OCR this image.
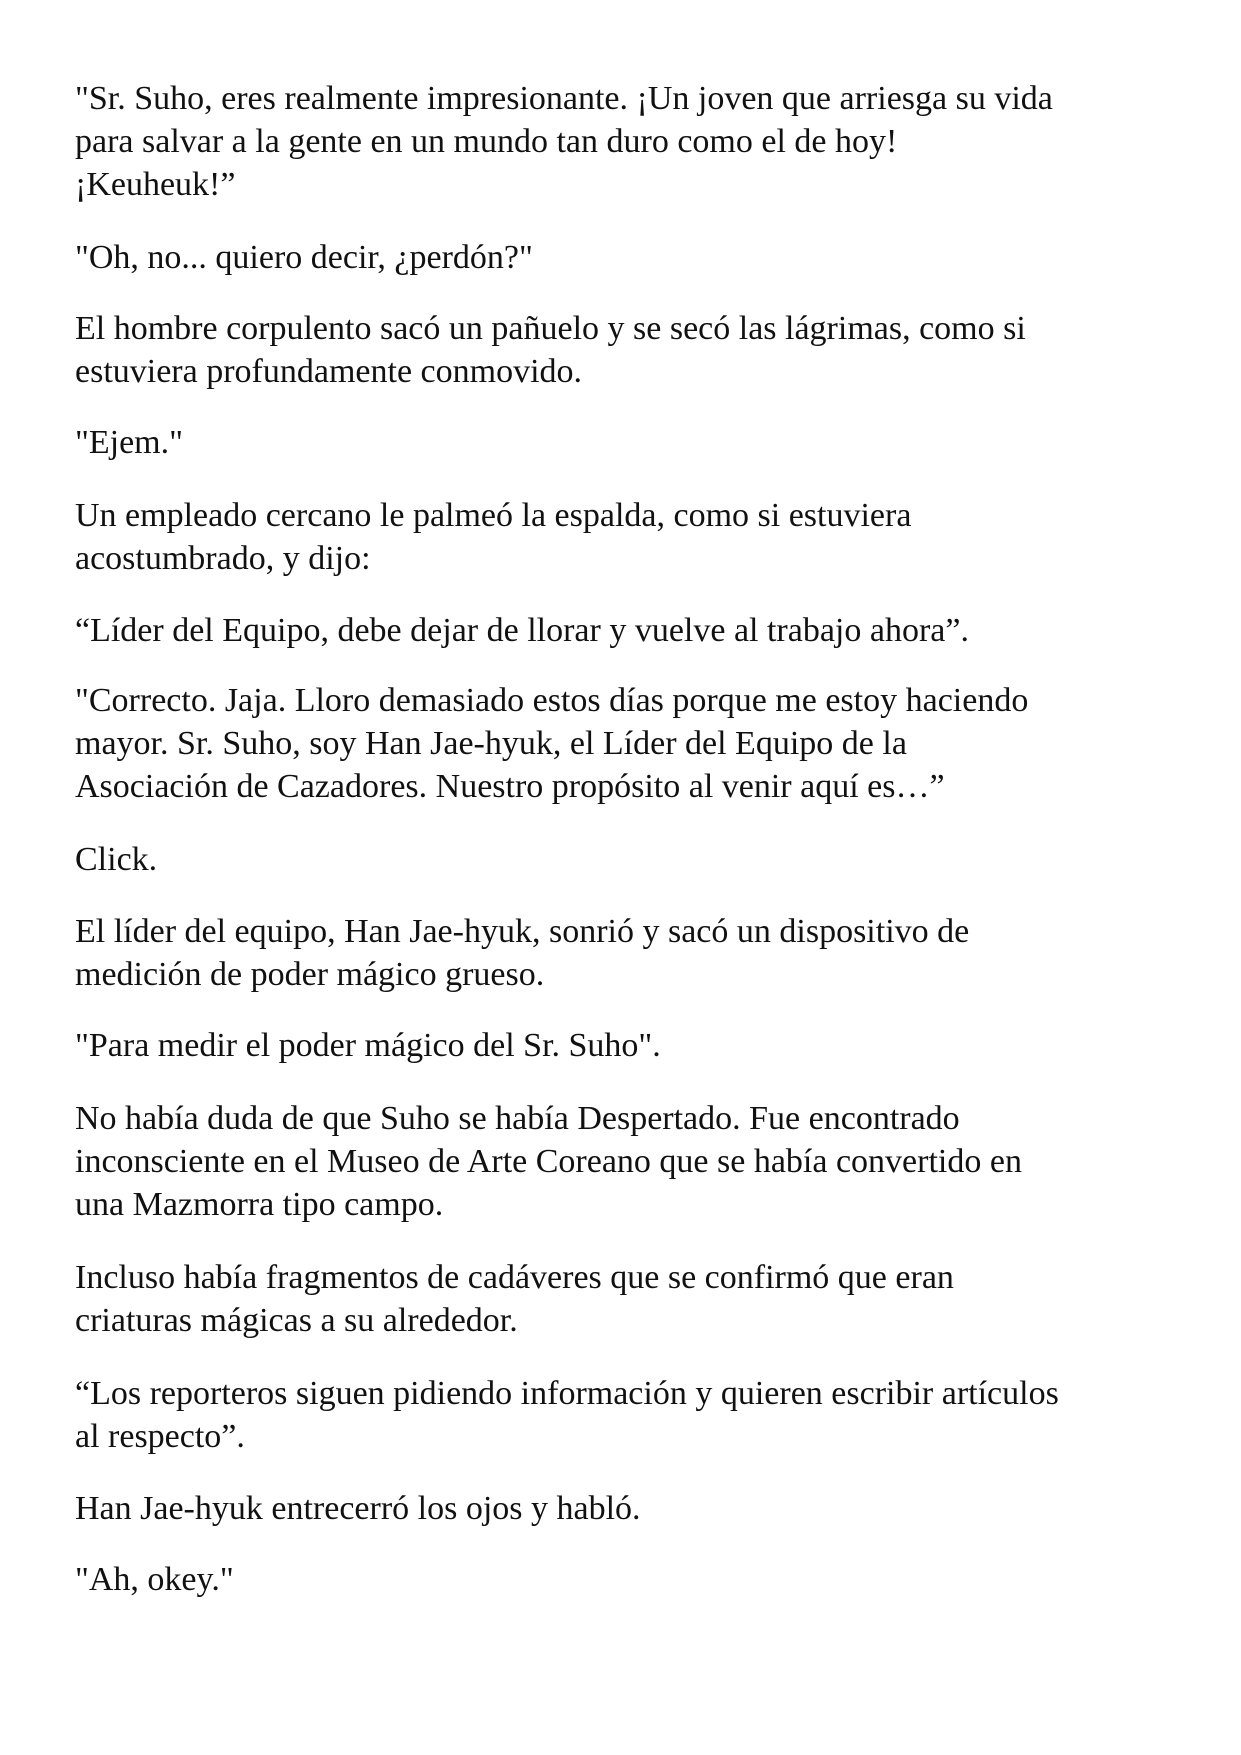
"Sr. Suho, eres realmente impresionante. ¡Un joven que arriesga su vida
para salvar a la gente en un mundo tan duro como el de hoy!
¡Keuheuk!”

"Oh, no... quiero decir, ¿perdón?"

El hombre corpulento sacó un pañuelo y se secó las lágrimas, como si
estuviera profundamente conmovido.

"Ejem."

Un empleado cercano le palmeó la espalda, como si estuviera
acostumbrado, y dijo:

“Líder del Equipo, debe dejar de llorar y vuelve al trabajo ahora”.

"Correcto. Jaja. Lloro demasiado estos días porque me estoy haciendo
mayor. Sr. Suho, soy Han Jae-hyuk, el Líder del Equipo de la
Asociación de Cazadores. Nuestro propósito al venir aquí es…”

Click.

El líder del equipo, Han Jae-hyuk, sonrió y sacó un dispositivo de
medición de poder mágico grueso.

"Para medir el poder mágico del Sr. Suho".

No había duda de que Suho se había Despertado. Fue encontrado
inconsciente en el Museo de Arte Coreano que se había convertido en
una Mazmorra tipo campo.

Incluso había fragmentos de cadáveres que se confirmó que eran
criaturas mágicas a su alrededor.

“Los reporteros siguen pidiendo información y quieren escribir artículos
al respecto”.

Han Jae-hyuk entrecerró los ojos y habló.

"Ah, okey."
